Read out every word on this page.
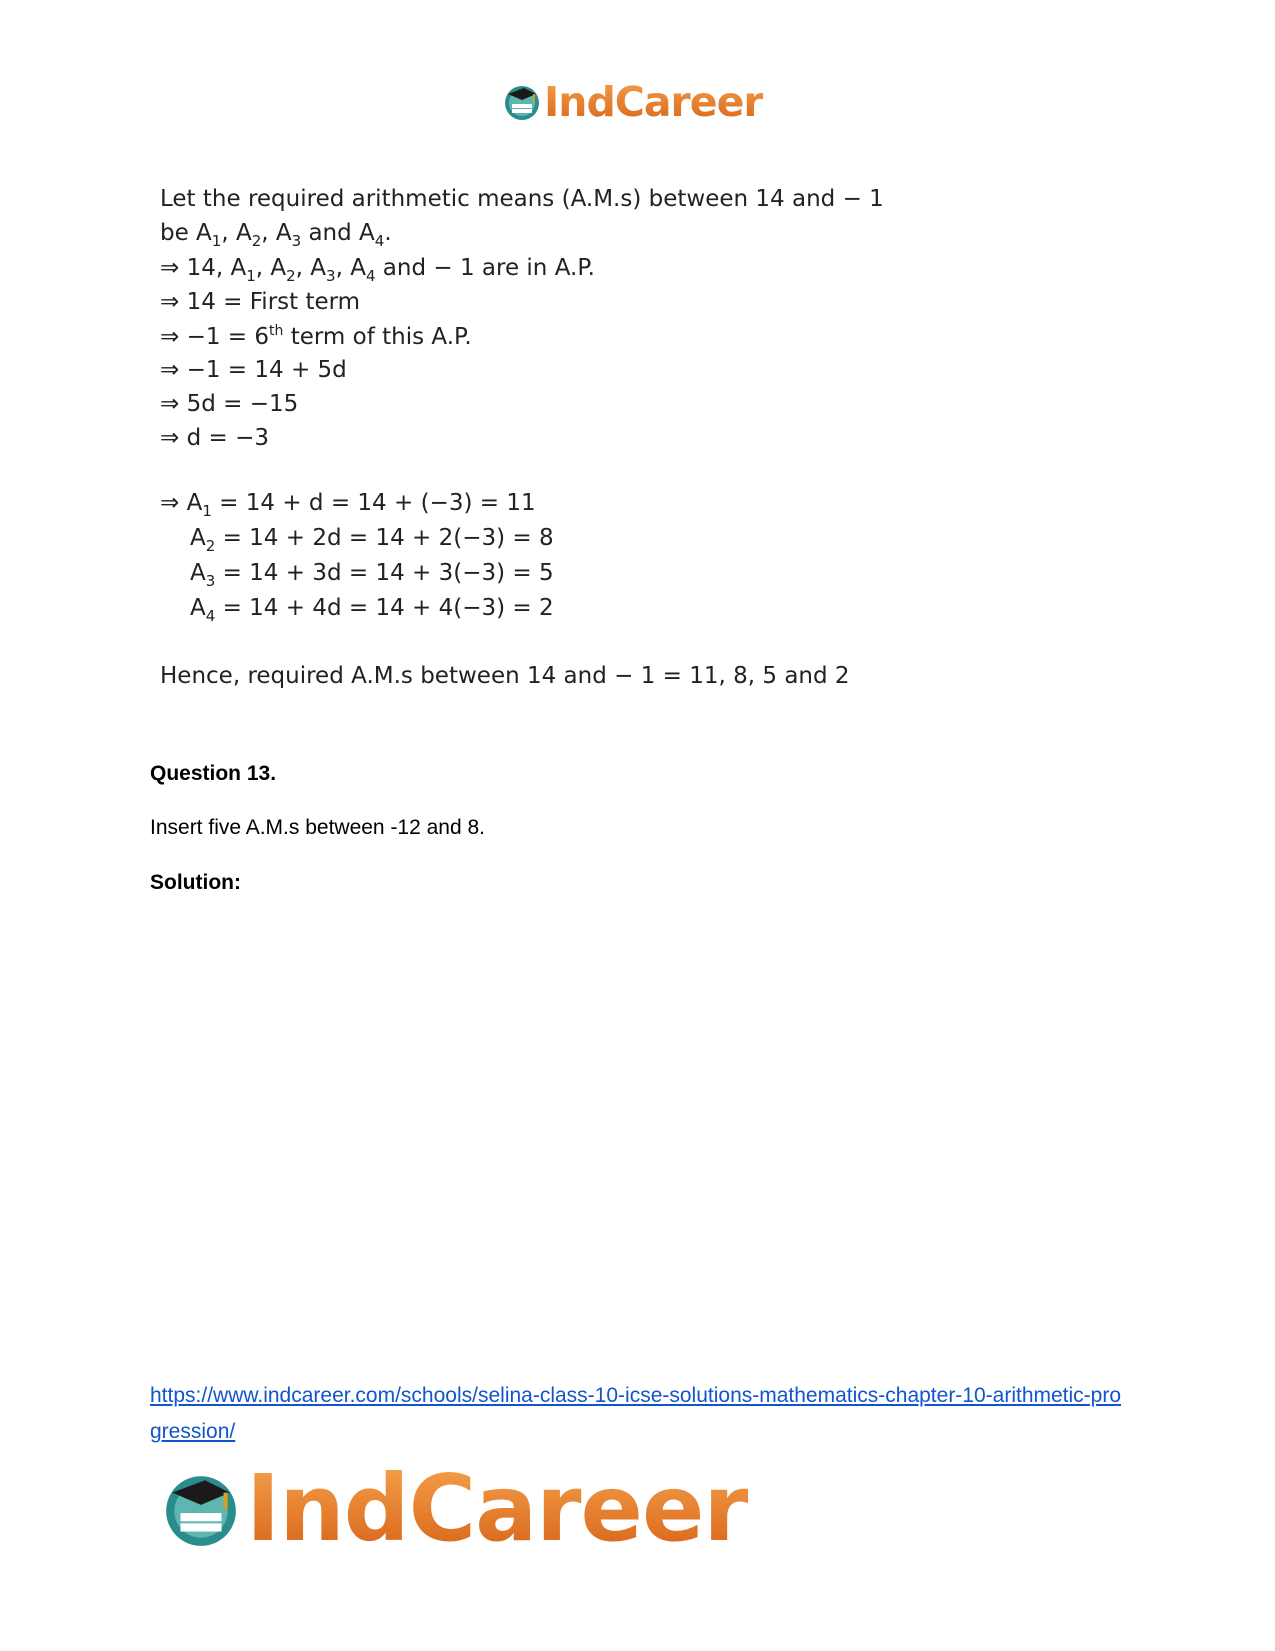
IndCareer
Let the required arithmetic means (A.M.s) between 14 and − 1
be $A_1$, $A_2$, $A_3$ and $A_4$.
⇒ 14, $A_1$, $A_2$, $A_3$, $A_4$ and − 1 are in A.P.
⇒ 14 = First term
⇒ −1 = 6th term of this A.P.
⇒ −1 = 14 + 5d
⇒ 5d = −15
⇒ d = −3
⇒ $A_1 = 14 + d = 14 + (-3) = 11$
$A_2 = 14 + 2d = 14 + 2(-3) = 8$
$A_3 = 14 + 3d = 14 + 3(-3) = 5$
$A_4 = 14 + 4d = 14 + 4(-3) = 2$
Hence, required A.M.s between 14 and − 1 = 11, 8, 5 and 2
Question 13.
Insert five A.M.s between -12 and 8.
Solution:
https://www.indcareer.com/schools/selina-class-10-icse-solutions-mathematics-chapter-10-arithmetic-progression/
IndCareer
